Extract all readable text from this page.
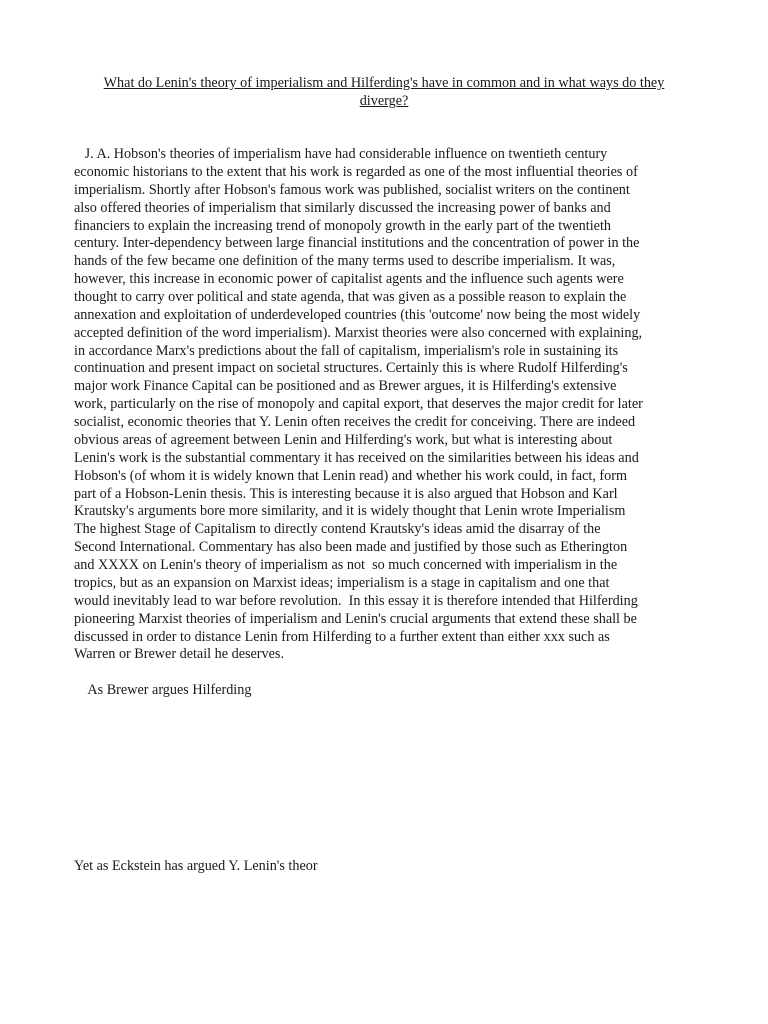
What do Lenin's theory of imperialism and Hilferding's have in common and in what ways do they
diverge?
J. A. Hobson's theories of imperialism have had considerable influence on twentieth century
economic historians to the extent that his work is regarded as one of the most influential theories of
imperialism. Shortly after Hobson's famous work was published, socialist writers on the continent
also offered theories of imperialism that similarly discussed the increasing power of banks and
financiers to explain the increasing trend of monopoly growth in the early part of the twentieth
century. Inter-dependency between large financial institutions and the concentration of power in the
hands of the few became one definition of the many terms used to describe imperialism. It was,
however, this increase in economic power of capitalist agents and the influence such agents were
thought to carry over political and state agenda, that was given as a possible reason to explain the
annexation and exploitation of underdeveloped countries (this 'outcome' now being the most widely
accepted definition of the word imperialism). Marxist theories were also concerned with explaining,
in accordance Marx's predictions about the fall of capitalism, imperialism's role in sustaining its
continuation and present impact on societal structures. Certainly this is where Rudolf Hilferding's
major work Finance Capital can be positioned and as Brewer argues, it is Hilferding's extensive
work, particularly on the rise of monopoly and capital export, that deserves the major credit for later
socialist, economic theories that Y. Lenin often receives the credit for conceiving. There are indeed
obvious areas of agreement between Lenin and Hilferding's work, but what is interesting about
Lenin's work is the substantial commentary it has received on the similarities between his ideas and
Hobson's (of whom it is widely known that Lenin read) and whether his work could, in fact, form
part of a Hobson-Lenin thesis. This is interesting because it is also argued that Hobson and Karl
Krautsky's arguments bore more similarity, and it is widely thought that Lenin wrote Imperialism
The highest Stage of Capitalism to directly contend Krautsky's ideas amid the disarray of the
Second International. Commentary has also been made and justified by those such as Etherington
and XXXX on Lenin's theory of imperialism as not  so much concerned with imperialism in the
tropics, but as an expansion on Marxist ideas; imperialism is a stage in capitalism and one that
would inevitably lead to war before revolution.  In this essay it is therefore intended that Hilferding
pioneering Marxist theories of imperialism and Lenin's crucial arguments that extend these shall be
discussed in order to distance Lenin from Hilferding to a further extent than either xxx such as
Warren or Brewer detail he deserves.
As Brewer argues Hilferding
Yet as Eckstein has argued Y. Lenin's theor
